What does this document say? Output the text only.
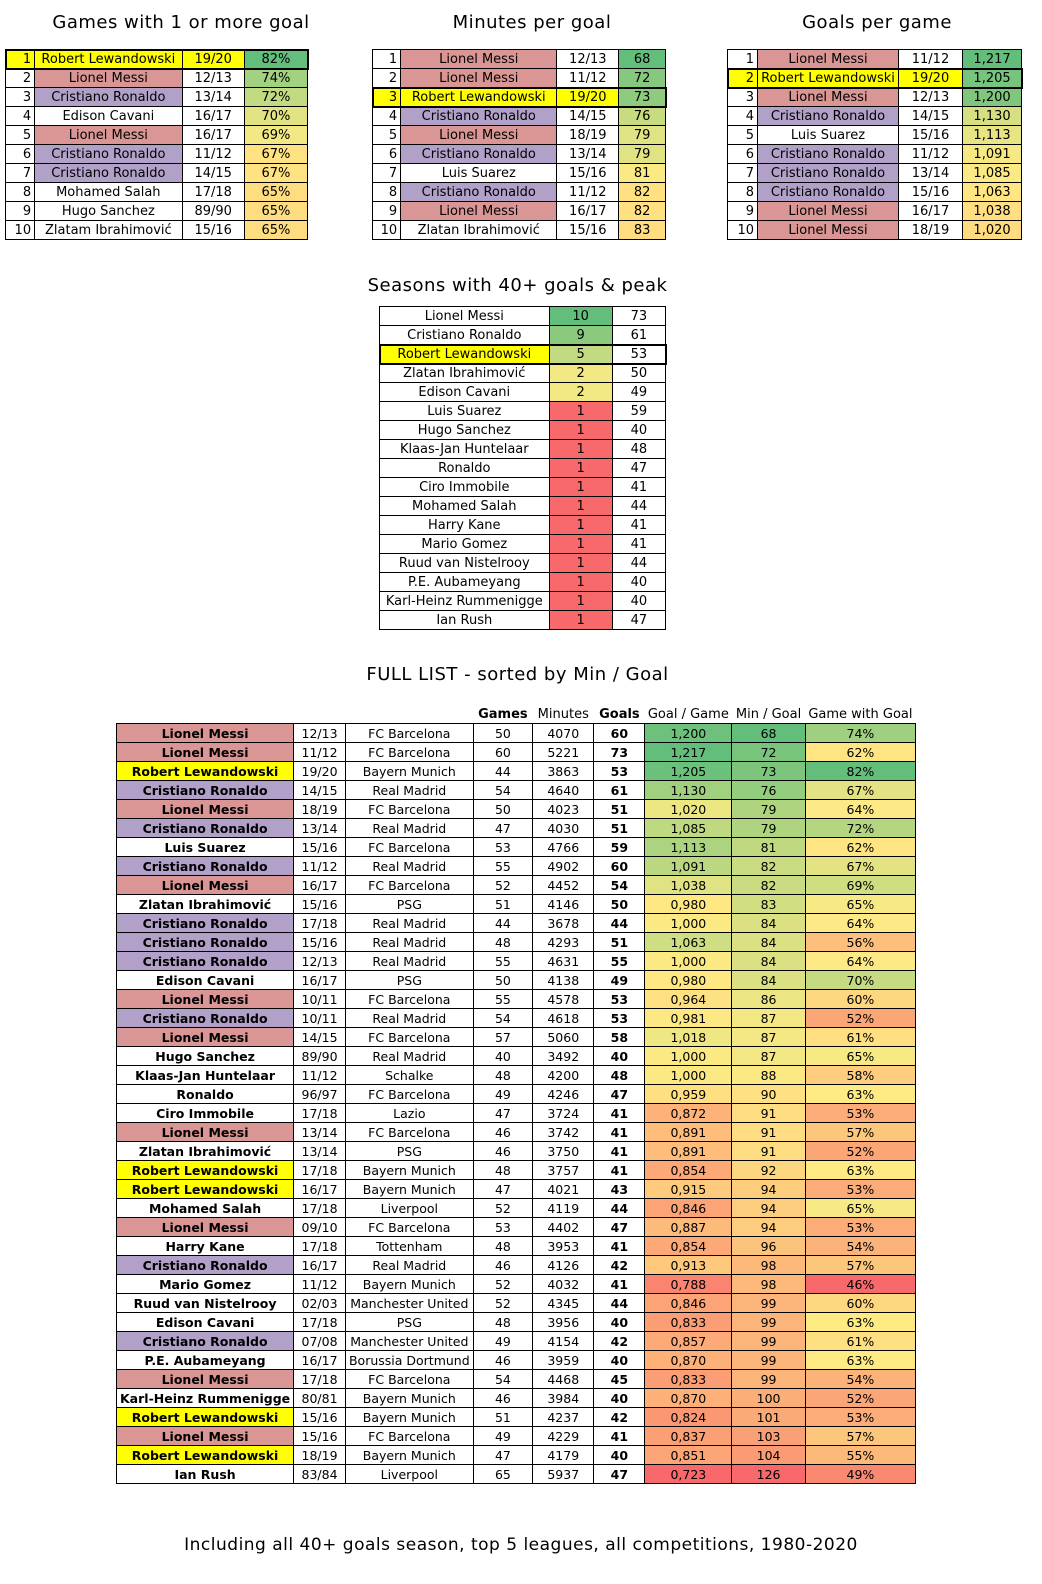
Games with 1 or more goal	Minutes per goal	Goals per game
1	Robert Lewandowski	19/20	82%
2	Lionel Messi	12/13	74%
3	Cristiano Ronaldo	13/14	72%
4	Edison Cavani	16/17	70%
5	Lionel Messi	16/17	69%
6	Cristiano Ronaldo	11/12	67%
7	Cristiano Ronaldo	14/15	67%
8	Mohamed Salah	17/18	65%
9	Hugo Sanchez	89/90	65%
10	Zlatam Ibrahimović	15/16	65%
1	Lionel Messi	12/13	68
2	Lionel Messi	11/12	72
3	Robert Lewandowski	19/20	73
4	Cristiano Ronaldo	14/15	76
5	Lionel Messi	18/19	79
6	Cristiano Ronaldo	13/14	79
7	Luis Suarez	15/16	81
8	Cristiano Ronaldo	11/12	82
9	Lionel Messi	16/17	82
10	Zlatan Ibrahimović	15/16	83
1	Lionel Messi	11/12	1,217
2	Robert Lewandowski	19/20	1,205
3	Lionel Messi	12/13	1,200
4	Cristiano Ronaldo	14/15	1,130
5	Luis Suarez	15/16	1,113
6	Cristiano Ronaldo	11/12	1,091
7	Cristiano Ronaldo	13/14	1,085
8	Cristiano Ronaldo	15/16	1,063
9	Lionel Messi	16/17	1,038
10	Lionel Messi	18/19	1,020
Seasons with 40+ goals & peak
Lionel Messi	10	73
Cristiano Ronaldo	9	61
Robert Lewandowski	5	53
Zlatan Ibrahimović	2	50
Edison Cavani	2	49
Luis Suarez	1	59
Hugo Sanchez	1	40
Klaas-Jan Huntelaar	1	48
Ronaldo	1	47
Ciro Immobile	1	41
Mohamed Salah	1	44
Harry Kane	1	41
Mario Gomez	1	41
Ruud van Nistelrooy	1	44
P.E. Aubameyang	1	40
Karl-Heinz Rummenigge	1	40
Ian Rush	1	47
FULL LIST - sorted by Min / Goal
			Games	Minutes	Goals	Goal / Game	Min / Goal	Game with Goal
Lionel Messi	12/13	FC Barcelona	50	4070	60	1,200	68	74%
Lionel Messi	11/12	FC Barcelona	60	5221	73	1,217	72	62%
Robert Lewandowski	19/20	Bayern Munich	44	3863	53	1,205	73	82%
Cristiano Ronaldo	14/15	Real Madrid	54	4640	61	1,130	76	67%
Lionel Messi	18/19	FC Barcelona	50	4023	51	1,020	79	64%
Cristiano Ronaldo	13/14	Real Madrid	47	4030	51	1,085	79	72%
Luis Suarez	15/16	FC Barcelona	53	4766	59	1,113	81	62%
Cristiano Ronaldo	11/12	Real Madrid	55	4902	60	1,091	82	67%
Lionel Messi	16/17	FC Barcelona	52	4452	54	1,038	82	69%
Zlatan Ibrahimović	15/16	PSG	51	4146	50	0,980	83	65%
Cristiano Ronaldo	17/18	Real Madrid	44	3678	44	1,000	84	64%
Cristiano Ronaldo	15/16	Real Madrid	48	4293	51	1,063	84	56%
Cristiano Ronaldo	12/13	Real Madrid	55	4631	55	1,000	84	64%
Edison Cavani	16/17	PSG	50	4138	49	0,980	84	70%
Lionel Messi	10/11	FC Barcelona	55	4578	53	0,964	86	60%
Cristiano Ronaldo	10/11	Real Madrid	54	4618	53	0,981	87	52%
Lionel Messi	14/15	FC Barcelona	57	5060	58	1,018	87	61%
Hugo Sanchez	89/90	Real Madrid	40	3492	40	1,000	87	65%
Klaas-Jan Huntelaar	11/12	Schalke	48	4200	48	1,000	88	58%
Ronaldo	96/97	FC Barcelona	49	4246	47	0,959	90	63%
Ciro Immobile	17/18	Lazio	47	3724	41	0,872	91	53%
Lionel Messi	13/14	FC Barcelona	46	3742	41	0,891	91	57%
Zlatan Ibrahimović	13/14	PSG	46	3750	41	0,891	91	52%
Robert Lewandowski	17/18	Bayern Munich	48	3757	41	0,854	92	63%
Robert Lewandowski	16/17	Bayern Munich	47	4021	43	0,915	94	53%
Mohamed Salah	17/18	Liverpool	52	4119	44	0,846	94	65%
Lionel Messi	09/10	FC Barcelona	53	4402	47	0,887	94	53%
Harry Kane	17/18	Tottenham	48	3953	41	0,854	96	54%
Cristiano Ronaldo	16/17	Real Madrid	46	4126	42	0,913	98	57%
Mario Gomez	11/12	Bayern Munich	52	4032	41	0,788	98	46%
Ruud van Nistelrooy	02/03	Manchester United	52	4345	44	0,846	99	60%
Edison Cavani	17/18	PSG	48	3956	40	0,833	99	63%
Cristiano Ronaldo	07/08	Manchester United	49	4154	42	0,857	99	61%
P.E. Aubameyang	16/17	Borussia Dortmund	46	3959	40	0,870	99	63%
Lionel Messi	17/18	FC Barcelona	54	4468	45	0,833	99	54%
Karl-Heinz Rummenigge	80/81	Bayern Munich	46	3984	40	0,870	100	52%
Robert Lewandowski	15/16	Bayern Munich	51	4237	42	0,824	101	53%
Lionel Messi	15/16	FC Barcelona	49	4229	41	0,837	103	57%
Robert Lewandowski	18/19	Bayern Munich	47	4179	40	0,851	104	55%
Ian Rush	83/84	Liverpool	65	5937	47	0,723	126	49%
Including all 40+ goals season, top 5 leagues, all competitions, 1980-2020
